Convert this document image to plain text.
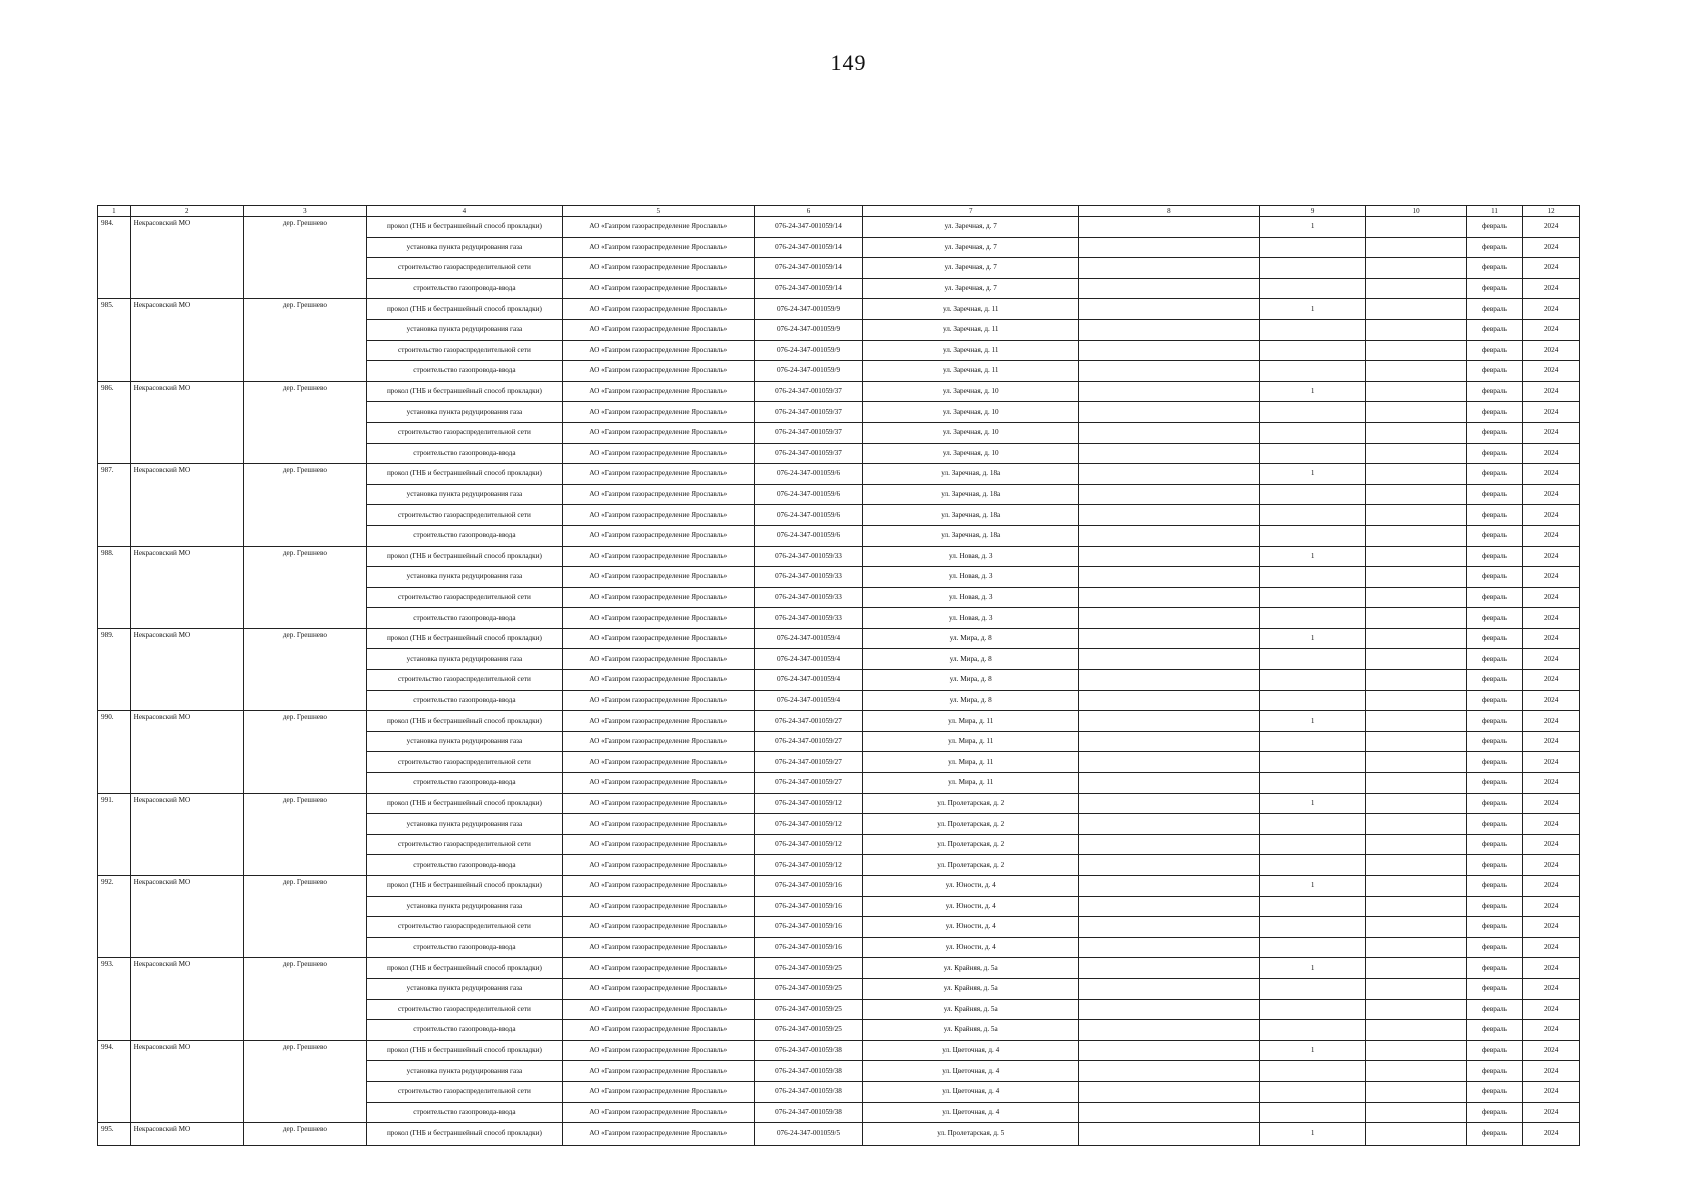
149
1	2	3	4	5	6	7	8	9	10	11	12
984.	Некрасовский МО	дер. Грешнево	прокол (ГНБ и бестраншейный способ прокладки)	АО «Газпром газораспределение Ярославль»	076-24-347-001059/14	ул. Заречная, д. 7		1		февраль	2024
			установка пункта редуцирования газа	АО «Газпром газораспределение Ярославль»	076-24-347-001059/14	ул. Заречная, д. 7				февраль	2024
			строительство газораспределительной сети	АО «Газпром газораспределение Ярославль»	076-24-347-001059/14	ул. Заречная, д. 7				февраль	2024
			строительство газопровода-ввода	АО «Газпром газораспределение Ярославль»	076-24-347-001059/14	ул. Заречная, д. 7				февраль	2024
985.	Некрасовский МО	дер. Грешнево	прокол (ГНБ и бестраншейный способ прокладки)	АО «Газпром газораспределение Ярославль»	076-24-347-001059/9	ул. Заречная, д. 11		1		февраль	2024
			установка пункта редуцирования газа	АО «Газпром газораспределение Ярославль»	076-24-347-001059/9	ул. Заречная, д. 11				февраль	2024
			строительство газораспределительной сети	АО «Газпром газораспределение Ярославль»	076-24-347-001059/9	ул. Заречная, д. 11				февраль	2024
			строительство газопровода-ввода	АО «Газпром газораспределение Ярославль»	076-24-347-001059/9	ул. Заречная, д. 11				февраль	2024
986.	Некрасовский МО	дер. Грешнево	прокол (ГНБ и бестраншейный способ прокладки)	АО «Газпром газораспределение Ярославль»	076-24-347-001059/37	ул. Заречная, д. 10		1		февраль	2024
			установка пункта редуцирования газа	АО «Газпром газораспределение Ярославль»	076-24-347-001059/37	ул. Заречная, д. 10				февраль	2024
			строительство газораспределительной сети	АО «Газпром газораспределение Ярославль»	076-24-347-001059/37	ул. Заречная, д. 10				февраль	2024
			строительство газопровода-ввода	АО «Газпром газораспределение Ярославль»	076-24-347-001059/37	ул. Заречная, д. 10				февраль	2024
987.	Некрасовский МО	дер. Грешнево	прокол (ГНБ и бестраншейный способ прокладки)	АО «Газпром газораспределение Ярославль»	076-24-347-001059/6	ул. Заречная, д. 18а		1		февраль	2024
			установка пункта редуцирования газа	АО «Газпром газораспределение Ярославль»	076-24-347-001059/6	ул. Заречная, д. 18а				февраль	2024
			строительство газораспределительной сети	АО «Газпром газораспределение Ярославль»	076-24-347-001059/6	ул. Заречная, д. 18а				февраль	2024
			строительство газопровода-ввода	АО «Газпром газораспределение Ярославль»	076-24-347-001059/6	ул. Заречная, д. 18а				февраль	2024
988.	Некрасовский МО	дер. Грешнево	прокол (ГНБ и бестраншейный способ прокладки)	АО «Газпром газораспределение Ярославль»	076-24-347-001059/33	ул. Новая, д. 3		1		февраль	2024
			установка пункта редуцирования газа	АО «Газпром газораспределение Ярославль»	076-24-347-001059/33	ул. Новая, д. 3				февраль	2024
			строительство газораспределительной сети	АО «Газпром газораспределение Ярославль»	076-24-347-001059/33	ул. Новая, д. 3				февраль	2024
			строительство газопровода-ввода	АО «Газпром газораспределение Ярославль»	076-24-347-001059/33	ул. Новая, д. 3				февраль	2024
989.	Некрасовский МО	дер. Грешнево	прокол (ГНБ и бестраншейный способ прокладки)	АО «Газпром газораспределение Ярославль»	076-24-347-001059/4	ул. Мира, д. 8		1		февраль	2024
			установка пункта редуцирования газа	АО «Газпром газораспределение Ярославль»	076-24-347-001059/4	ул. Мира, д. 8				февраль	2024
			строительство газораспределительной сети	АО «Газпром газораспределение Ярославль»	076-24-347-001059/4	ул. Мира, д. 8				февраль	2024
			строительство газопровода-ввода	АО «Газпром газораспределение Ярославль»	076-24-347-001059/4	ул. Мира, д. 8				февраль	2024
990.	Некрасовский МО	дер. Грешнево	прокол (ГНБ и бестраншейный способ прокладки)	АО «Газпром газораспределение Ярославль»	076-24-347-001059/27	ул. Мира, д. 11		1		февраль	2024
			установка пункта редуцирования газа	АО «Газпром газораспределение Ярославль»	076-24-347-001059/27	ул. Мира, д. 11				февраль	2024
			строительство газораспределительной сети	АО «Газпром газораспределение Ярославль»	076-24-347-001059/27	ул. Мира, д. 11				февраль	2024
			строительство газопровода-ввода	АО «Газпром газораспределение Ярославль»	076-24-347-001059/27	ул. Мира, д. 11				февраль	2024
991.	Некрасовский МО	дер. Грешнево	прокол (ГНБ и бестраншейный способ прокладки)	АО «Газпром газораспределение Ярославль»	076-24-347-001059/12	ул. Пролетарская, д. 2		1		февраль	2024
			установка пункта редуцирования газа	АО «Газпром газораспределение Ярославль»	076-24-347-001059/12	ул. Пролетарская, д. 2				февраль	2024
			строительство газораспределительной сети	АО «Газпром газораспределение Ярославль»	076-24-347-001059/12	ул. Пролетарская, д. 2				февраль	2024
			строительство газопровода-ввода	АО «Газпром газораспределение Ярославль»	076-24-347-001059/12	ул. Пролетарская, д. 2				февраль	2024
992.	Некрасовский МО	дер. Грешнево	прокол (ГНБ и бестраншейный способ прокладки)	АО «Газпром газораспределение Ярославль»	076-24-347-001059/16	ул. Юности, д. 4		1		февраль	2024
			установка пункта редуцирования газа	АО «Газпром газораспределение Ярославль»	076-24-347-001059/16	ул. Юности, д. 4				февраль	2024
			строительство газораспределительной сети	АО «Газпром газораспределение Ярославль»	076-24-347-001059/16	ул. Юности, д. 4				февраль	2024
			строительство газопровода-ввода	АО «Газпром газораспределение Ярославль»	076-24-347-001059/16	ул. Юности, д. 4				февраль	2024
993.	Некрасовский МО	дер. Грешнево	прокол (ГНБ и бестраншейный способ прокладки)	АО «Газпром газораспределение Ярославль»	076-24-347-001059/25	ул. Крайняя, д. 5а		1		февраль	2024
			установка пункта редуцирования газа	АО «Газпром газораспределение Ярославль»	076-24-347-001059/25	ул. Крайняя, д. 5а				февраль	2024
			строительство газораспределительной сети	АО «Газпром газораспределение Ярославль»	076-24-347-001059/25	ул. Крайняя, д. 5а				февраль	2024
			строительство газопровода-ввода	АО «Газпром газораспределение Ярославль»	076-24-347-001059/25	ул. Крайняя, д. 5а				февраль	2024
994.	Некрасовский МО	дер. Грешнево	прокол (ГНБ и бестраншейный способ прокладки)	АО «Газпром газораспределение Ярославль»	076-24-347-001059/38	ул. Цветочная, д. 4		1		февраль	2024
			установка пункта редуцирования газа	АО «Газпром газораспределение Ярославль»	076-24-347-001059/38	ул. Цветочная, д. 4				февраль	2024
			строительство газораспределительной сети	АО «Газпром газораспределение Ярославль»	076-24-347-001059/38	ул. Цветочная, д. 4				февраль	2024
			строительство газопровода-ввода	АО «Газпром газораспределение Ярославль»	076-24-347-001059/38	ул. Цветочная, д. 4				февраль	2024
995.	Некрасовский МО	дер. Грешнево	прокол (ГНБ и бестраншейный способ прокладки)	АО «Газпром газораспределение Ярославль»	076-24-347-001059/5	ул. Пролетарская, д. 5		1		февраль	2024
